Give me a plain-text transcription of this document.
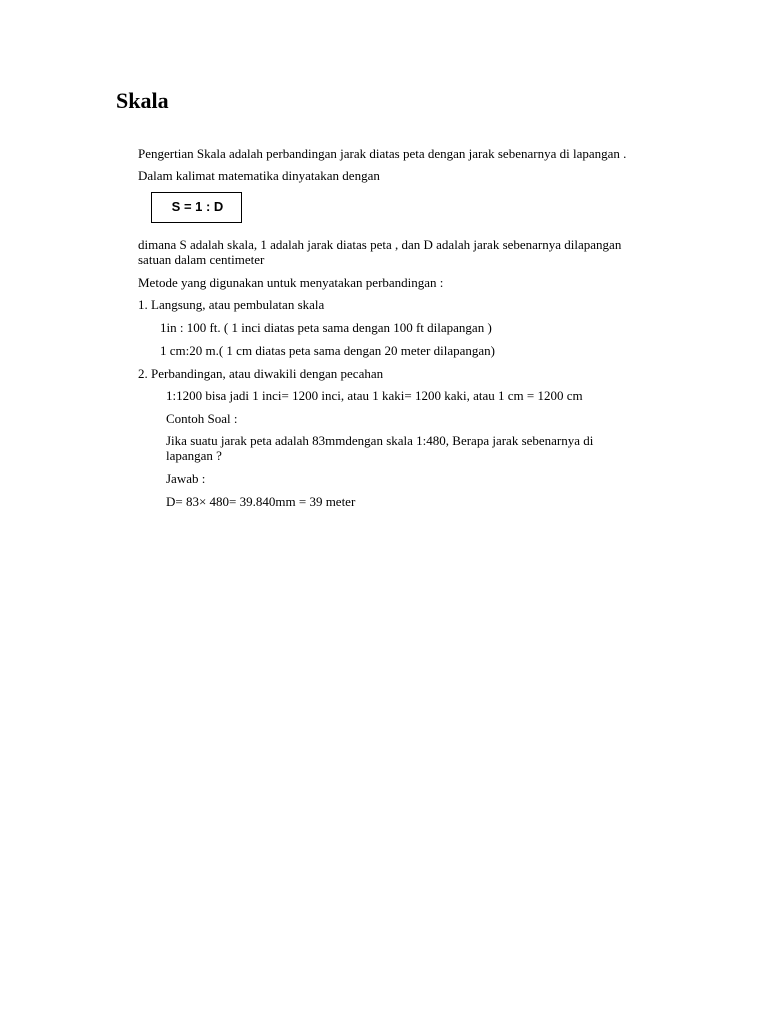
Skala

Pengertian Skala adalah perbandingan jarak diatas peta dengan jarak sebenarnya di lapangan .

Dalam kalimat matematika dinyatakan dengan

S = 1 : D

dimana S adalah skala, 1 adalah jarak diatas peta , dan D adalah jarak sebenarnya dilapangan

satuan dalam centimeter

Metode yang digunakan untuk menyatakan perbandingan :

1. Langsung, atau pembulatan skala

1in : 100 ft. ( 1 inci diatas peta sama dengan 100 ft dilapangan )

1 cm:20 m.( 1 cm diatas peta sama dengan 20 meter dilapangan)

2. Perbandingan, atau diwakili dengan pecahan

1:1200 bisa jadi 1 inci= 1200 inci, atau 1 kaki= 1200 kaki, atau 1 cm = 1200 cm

Contoh Soal :

Jika suatu jarak peta adalah 83mmdengan skala 1:480, Berapa jarak sebenarnya di

lapangan ?

Jawab :

D= 83× 480= 39.840mm = 39 meter
